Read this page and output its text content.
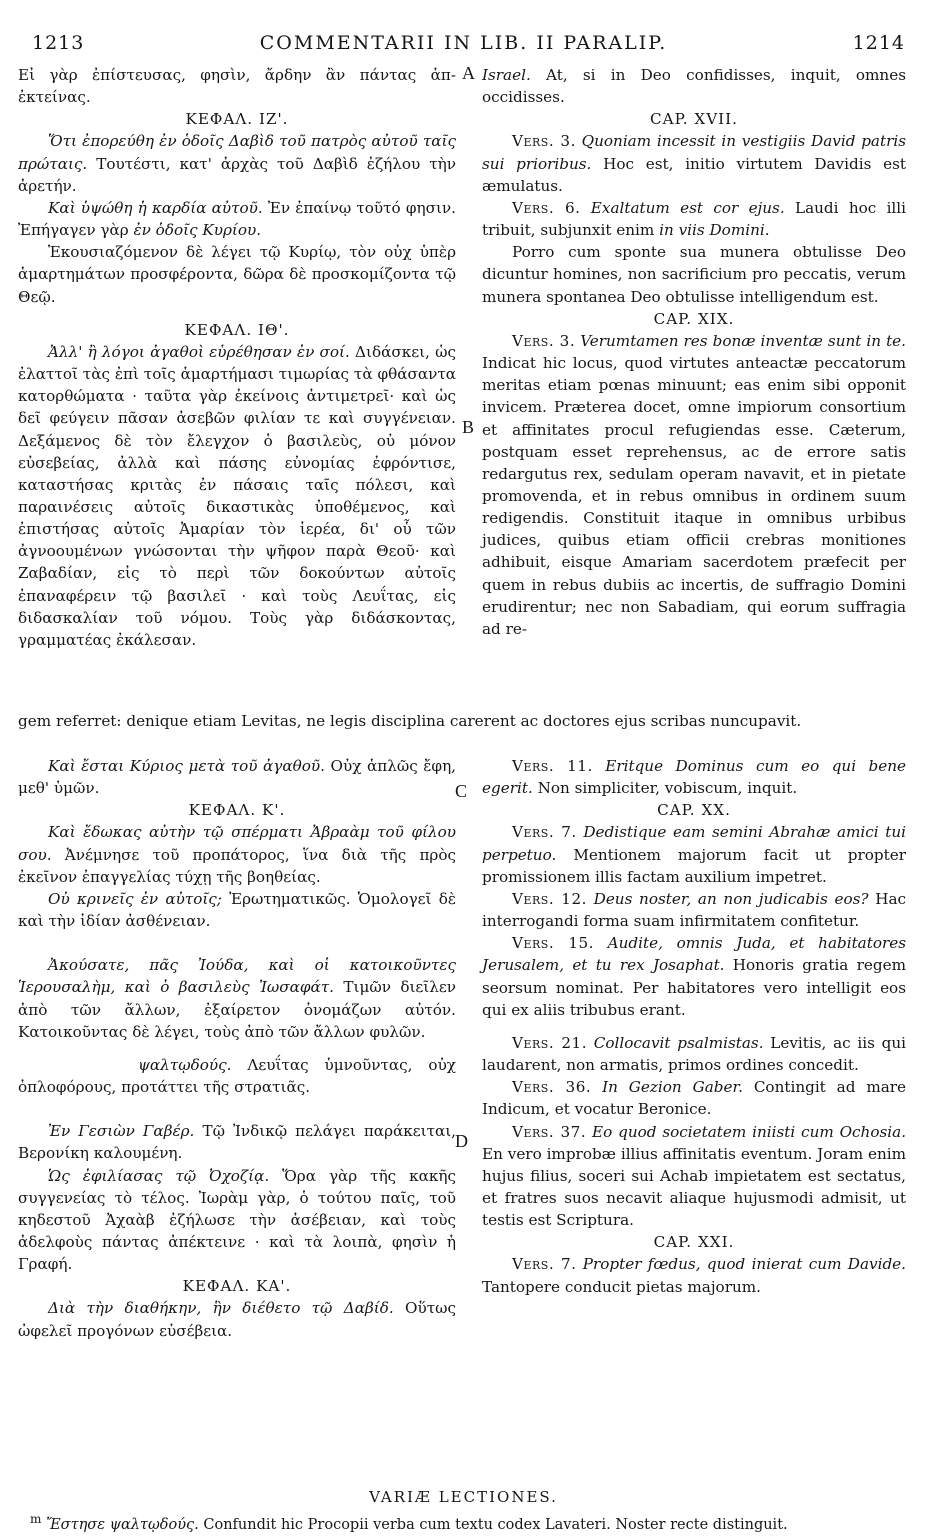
1213	COMMENTARII IN LIB. II PARALIP.	1214
A
B
C
D

Εἰ γὰρ ἐπίστευσας, φησὶν, ἄρδην ἂν πάντας ἀπ-ἐκτείνας.

ΚΕΦΑΛ. ΙΖ'.

Ὅτι ἐπορεύθη ἐν ὁδοῖς Δαβὶδ τοῦ πατρὸς αὐτοῦ ταῖς πρώταις. Τουτέστι, κατ' ἀρχὰς τοῦ Δαβὶδ ἐζήλου τὴν ἀρετήν.

Καὶ ὑψώθη ἡ καρδία αὐτοῦ. Ἐν ἐπαίνῳ τοῦτό φησιν. Ἐπήγαγεν γὰρ ἐν ὁδοῖς Κυρίου.

Ἑκουσιαζόμενον δὲ λέγει τῷ Κυρίῳ, τὸν οὐχ ὑπὲρ ἁμαρτημάτων προσφέροντα, δῶρα δὲ προσκομίζοντα τῷ Θεῷ.

ΚΕΦΑΛ. ΙΘ'.

Ἀλλ' ἢ λόγοι ἀγαθοὶ εὑρέθησαν ἐν σοί. Διδάσκει, ὡς ἐλαττοῖ τὰς ἐπὶ τοῖς ἁμαρτήμασι τιμωρίας τὰ φθάσαντα κατορθώματα · ταῦτα γὰρ ἐκείνοις ἀντιμετρεῖ· καὶ ὡς δεῖ φεύγειν πᾶσαν ἀσεβῶν φιλίαν τε καὶ συγγένειαν. Δεξάμενος δὲ τὸν ἔλεγχον ὁ βασιλεὺς, οὐ μόνον εὐσεβείας, ἀλλὰ καὶ πάσης εὐνομίας ἐφρόντισε, καταστήσας κριτὰς ἐν πάσαις ταῖς πόλεσι, καὶ παραινέσεις αὐτοῖς δικαστικὰς ὑποθέμενος, καὶ ἐπιστήσας αὐτοῖς Ἀμαρίαν τὸν ἱερέα, δι' οὗ τῶν ἀγνοουμένων γνώσονται τὴν ψῆφον παρὰ Θεοῦ· καὶ Ζαβαδίαν, εἰς τὸ περὶ τῶν δοκούντων αὐτοῖς ἐπαναφέρειν τῷ βασιλεῖ · καὶ τοὺς Λευΐτας, εἰς διδασκαλίαν τοῦ νόμου. Τοὺς γὰρ διδάσκοντας, γραμματέας ἐκάλεσαν.

Israel. At, si in Deo confidisses, inquit, omnes occidisses.

CAP. XVII.

Vers. 3. Quoniam incessit in vestigiis David patris sui prioribus. Hoc est, initio virtutem Davidis est æmulatus.

Vers. 6. Exaltatum est cor ejus. Laudi hoc illi tribuit, subjunxit enim in viis Domini.

Porro cum sponte sua munera obtulisse Deo dicuntur homines, non sacrificium pro peccatis, verum munera spontanea Deo obtulisse intelligendum est.

CAP. XIX.

Vers. 3. Verumtamen res bonæ inventæ sunt in te. Indicat hic locus, quod virtutes anteactæ peccatorum meritas etiam pœnas minuunt; eas enim sibi opponit invicem. Præterea docet, omne impiorum consortium et affinitates procul refugiendas esse. Cæterum, postquam esset reprehensus, ac de errore satis redargutus rex, sedulam operam navavit, et in pietate promovenda, et in rebus omnibus in ordinem suum redigendis. Constituit itaque in omnibus urbibus judices, quibus etiam officii crebras monitiones adhibuit, eisque Amariam sacerdotem præfecit per quem in rebus dubiis ac incertis, de suffragio Domini erudirentur; nec non Sabadiam, qui eorum suffragia ad re-

gem referret: denique etiam Levitas, ne legis disciplina carerent ac doctores ejus scribas nuncupavit.

Καὶ ἔσται Κύριος μετὰ τοῦ ἀγαθοῦ. Οὐχ ἁπλῶς ἔφη, μεθ' ὑμῶν.

ΚΕΦΑΛ. Κ'.

Καὶ ἔδωκας αὐτὴν τῷ σπέρματι Ἀβραὰμ τοῦ φίλου σου. Ἀνέμνησε τοῦ προπάτορος, ἵνα διὰ τῆς πρὸς ἐκεῖνον ἐπαγγελίας τύχῃ τῆς βοηθείας.

Οὐ κρινεῖς ἐν αὐτοῖς; Ἐρωτηματικῶς. Ὁμολογεῖ δὲ καὶ τὴν ἰδίαν ἀσθένειαν.

Ἀκούσατε, πᾶς Ἰούδα, καὶ οἱ κατοικοῦντες Ἱερουσαλὴμ, καὶ ὁ βασιλεὺς Ἰωσαφάτ. Τιμῶν διεῖλεν ἀπὸ τῶν ἄλλων, ἐξαίρετον ὀνομάζων αὐτόν. Κατοικοῦντας δὲ λέγει, τοὺς ἀπὸ τῶν ἄλλων φυλῶν.

ψαλτῳδούς. Λευΐτας ὑμνοῦντας, οὐχ ὁπλοφόρους, προτάττει τῆς στρατιᾶς.

Ἐν Γεσιὼν Γαβέρ. Τῷ Ἰνδικῷ πελάγει παράκειται, Βερονίκη καλουμένη.

Ὡς ἐφιλίασας τῷ Ὀχοζίᾳ. Ὅρα γὰρ τῆς κακῆς συγγενείας τὸ τέλος. Ἰωρὰμ γὰρ, ὁ τούτου παῖς, τοῦ κηδεστοῦ Ἀχαὰβ ἐζήλωσε τὴν ἀσέβειαν, καὶ τοὺς ἀδελφοὺς πάντας ἀπέκτεινε · καὶ τὰ λοιπὰ, φησὶν ἡ Γραφή.

ΚΕΦΑΛ. ΚΑ'.

Διὰ τὴν διαθήκην, ἣν διέθετο τῷ Δαβίδ. Οὕτως ὠφελεῖ προγόνων εὐσέβεια.

Vers. 11. Eritque Dominus cum eo qui bene egerit. Non simpliciter, vobiscum, inquit.

CAP. XX.

Vers. 7. Dedistique eam semini Abrahæ amici tui perpetuo. Mentionem majorum facit ut propter promissionem illis factam auxilium impetret.

Vers. 12. Deus noster, an non judicabis eos? Hac interrogandi forma suam infirmitatem confitetur.

Vers. 15. Audite, omnis Juda, et habitatores Jerusalem, et tu rex Josaphat. Honoris gratia regem seorsum nominat. Per habitatores vero intelligit eos qui ex aliis tribubus erant.

Vers. 21. Collocavit psalmistas. Levitis, ac iis qui laudarent, non armatis, primos ordines concedit.

Vers. 36. In Gezion Gaber. Contingit ad mare Indicum, et vocatur Beronice.

Vers. 37. Eo quod societatem iniisti cum Ochosia. En vero improbæ illius affinitatis eventum. Joram enim hujus filius, soceri sui Achab impietatem est sectatus, et fratres suos necavit aliaque hujusmodi admisit, ut testis est Scriptura.

CAP. XXI.

Vers. 7. Propter fœdus, quod inierat cum Davide. Tantopere conducit pietas majorum.

VARIÆ LECTIONES.
$^m$ Ἔστησε ψαλτῳδούς. Confundit hic Procopii verba cum textu codex Lavateri. Noster recte distinguit.
